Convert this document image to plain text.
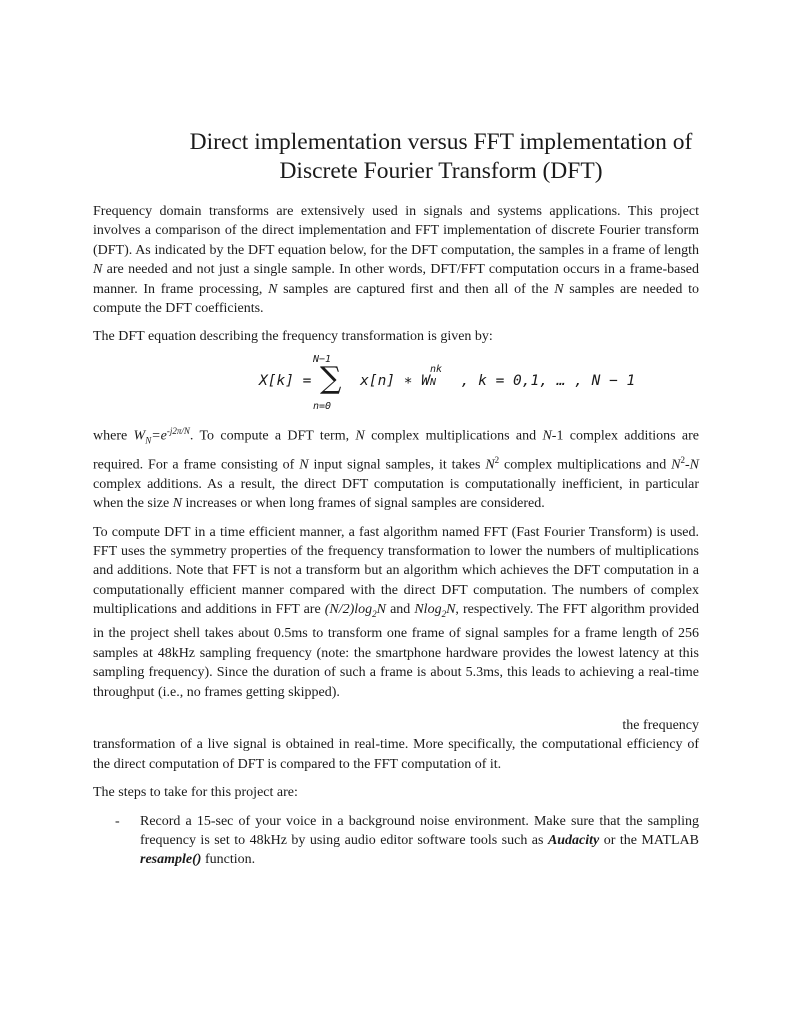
Direct implementation versus FFT implementation of
Discrete Fourier Transform (DFT)

Frequency domain transforms are extensively used in signals and systems applications. This project involves a comparison of the direct implementation and FFT implementation of discrete Fourier transform (DFT). As indicated by the DFT equation below, for the DFT computation, the samples in a frame of length N are needed and not just a single sample. In other words, DFT/FFT computation occurs in a frame-based manner. In frame processing, N samples are captured first and then all of the N samples are needed to compute the DFT coefficients.

The DFT equation describing the frequency transformation is given by:

N−1
∑
n=0
X[k] =	x[n] ∗ W
nk
N , k = 0,1, … , N − 1

where $W_N=e^{-j2\pi/N}$. To compute a DFT term, N complex multiplications and N-1 complex additions are required. For a frame consisting of N input signal samples, it takes $N^2$ complex multiplications and $N^2-N$ complex additions. As a result, the direct DFT computation is computationally inefficient, in particular when the size N increases or when long frames of signal samples are considered.

To compute DFT in a time efficient manner, a fast algorithm named FFT (Fast Fourier Transform) is used. FFT uses the symmetry properties of the frequency transformation to lower the numbers of multiplications and additions. Note that FFT is not a transform but an algorithm which achieves the DFT computation in a computationally efficient manner compared with the direct DFT computation. The numbers of complex multiplications and additions in FFT are $(N/2)\log_2N$ and Nlog$_2$N, respectively. The FFT algorithm provided in the project shell takes about 0.5ms to transform one frame of signal samples for a frame length of 256 samples at 48kHz sampling frequency (note: the smartphone hardware provides the lowest latency at this sampling frequency). Since the duration of such a frame is about 5.3ms, this leads to achieving a real-time throughput (i.e., no frames getting skipped).

the frequency
transformation of a live signal is obtained in real-time. More specifically, the computational efficiency of the direct computation of DFT is compared to the FFT computation of it.

The steps to take for this project are:

- Record a 15-sec of your voice in a background noise environment. Make sure that the sampling frequency is set to 48kHz by using audio editor software tools such as Audacity or the MATLAB resample() function.
